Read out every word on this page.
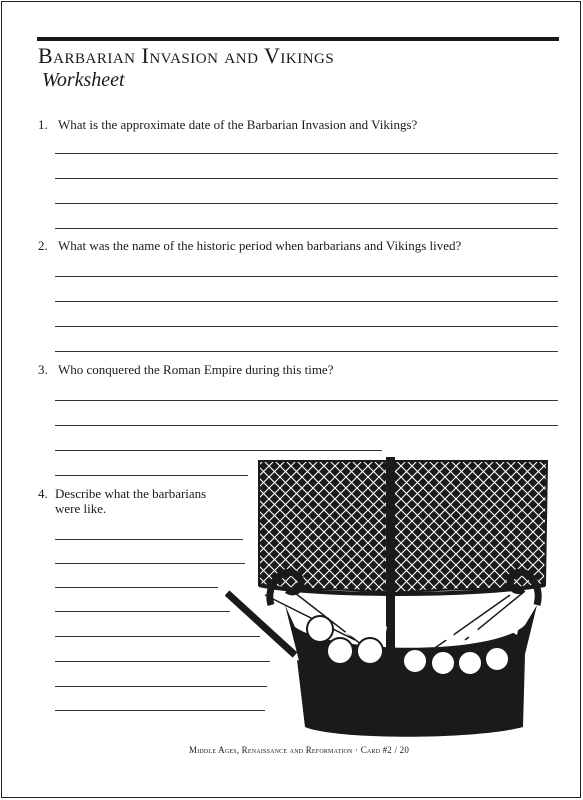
Barbarian Invasion and Vikings
Worksheet
1. What is the approximate date of the Barbarian Invasion and Vikings?
2. What was the name of the historic period when barbarians and Vikings lived?
3. Who conquered the Roman Empire during this time?
4. Describe what the barbarians
were like.
Middle Ages, Renaissance and Reformation · Card #2 / 20
